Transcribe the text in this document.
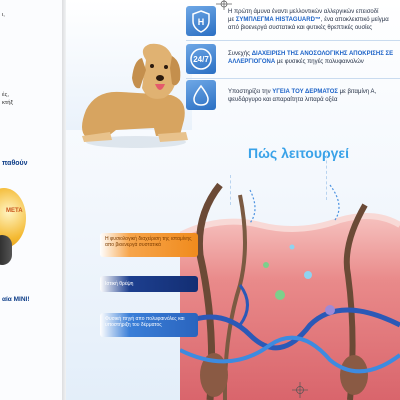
ι,
ές,
κτήξ
παθούν
ΜΕΤΑ
αία MINI!
H
Η πρώτη άμυνα έναντι μελλοντικών αλλεργικών επεισοδί
με ΣΥΜΠΛΕΓΜΑ HISTAGUARD™, ένα αποκλειστικό μείγμα
από βιοενεργά συστατικά και φυτικές θρεπτικές ουσίες
24/7
Συνεχής ΔΙΑΧΕΙΡΙΣΗ ΤΗΣ ΑΝΟΣΟΛΟΓΙΚΗΣ ΑΠΟΚΡΙΣΗΣ ΣΕ
ΑΛΛΕΡΓΙΟΓΟΝΑ με φυσικές πηγές πολυφαινολών
Υποστηρίζει την ΥΓΕΙΑ ΤΟΥ ΔΕΡΜΑΤΟΣ με βιταμίνη Α,
ψευδάργυρο και απαραίτητα λιπαρά οξέα
Πώς λειτουργεί
Η φυσιολογική διαχείριση της ισταμίνης απο βιοενεργά συστατικά
Ιστική θρέψη
Φυσική πηγή απο πολυφαινόλες και υποστήριξη του δέρματος
